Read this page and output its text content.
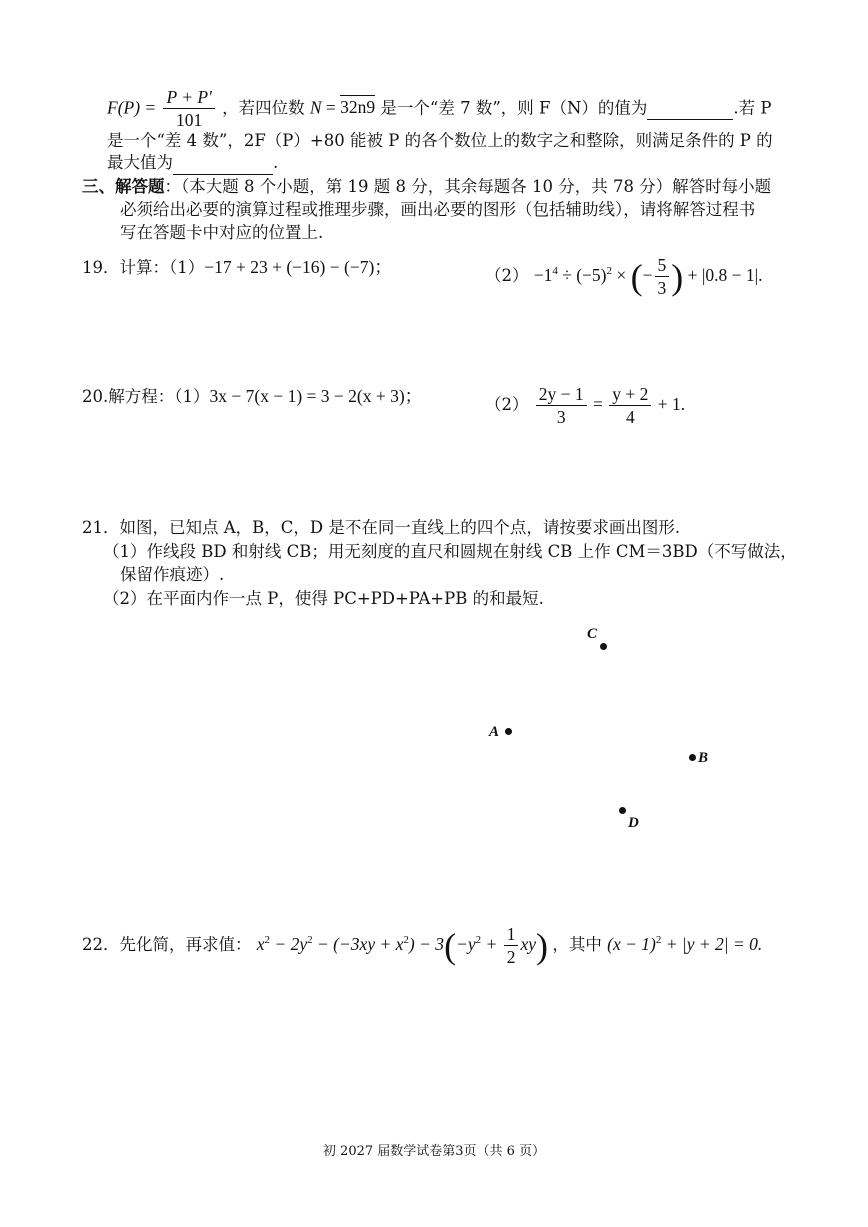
$F(P) = \frac{P + P'}{101}$ ，若四位数 N = 32n9 是一个“差 7 数”，则 F（N）的值为	.若 P
是一个“差 4 数”，2F（P）+80 能被 P 的各个数位上的数字之和整除，则满足条件的 P 的
最大值为	.
三、解答题：（本大题 8 个小题，第 19 题 8 分，其余每题各 10 分，共 78 分）解答时每小题
必须给出必要的演算过程或推理步骤，画出必要的图形（包括辅助线），请将解答过程书
写在答题卡中对应的位置上.
19．计算：（1）−17 + 23 + (−16) − (−7)；	$(2) -1^4 \div (-5)^2$ × (− $\frac{5}{3}$ ) + |0.8 − 1|.
20.解方程：（1）3x − 7(x − 1) = 3 − 2(x + 3)；	$(2) \frac{2y - 1}{3} = \frac{y + 2}{4} + 1$.
21．如图，已知点 A，B，C，D 是不在同一直线上的四个点，请按要求画出图形.
（1）作线段 BD 和射线 CB；用无刻度的直尺和圆规在射线 CB 上作 CM＝3BD（不写做法，
保留作痕迹）.
（2）在平面内作一点 P，使得 PC+PD+PA+PB 的和最短.
C
A
B
D
22．先化简，再求值： $x^2 - 2y^2 - (-3xy + x^2) - 3(-y^2 + \frac{1}{2} xy)$ ，其中 $(x - 1)^2 + |y + 2| = 0$.
初 2027 届数学试卷第3页（共 6 页）
